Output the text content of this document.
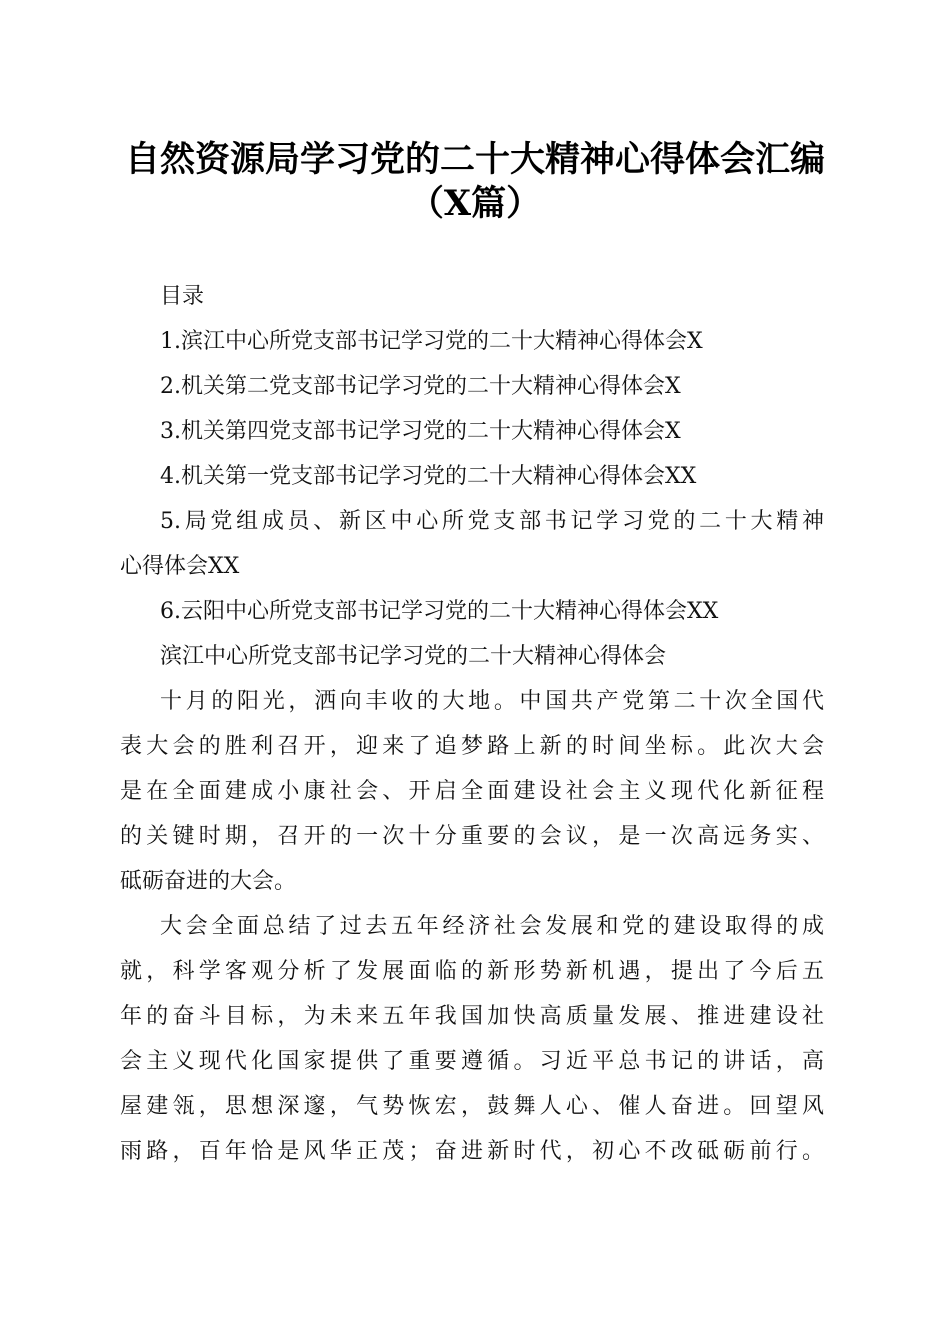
自然资源局学习党的二十大精神心得体会汇编
（X篇）
目录
1.滨江中心所党支部书记学习党的二十大精神心得体会X
2.机关第二党支部书记学习党的二十大精神心得体会X
3.机关第四党支部书记学习党的二十大精神心得体会X
4.机关第一党支部书记学习党的二十大精神心得体会XX
5.局党组成员、新区中心所党支部书记学习党的二十大精神
心得体会XX
6.云阳中心所党支部书记学习党的二十大精神心得体会XX
滨江中心所党支部书记学习党的二十大精神心得体会
十月的阳光，洒向丰收的大地。中国共产党第二十次全国代
表大会的胜利召开，迎来了追梦路上新的时间坐标。此次大会
是在全面建成小康社会、开启全面建设社会主义现代化新征程
的关键时期，召开的一次十分重要的会议，是一次高远务实、
砥砺奋进的大会。
大会全面总结了过去五年经济社会发展和党的建设取得的成
就，科学客观分析了发展面临的新形势新机遇，提出了今后五
年的奋斗目标，为未来五年我国加快高质量发展、推进建设社
会主义现代化国家提供了重要遵循。习近平总书记的讲话，高
屋建瓴，思想深邃，气势恢宏，鼓舞人心、催人奋进。回望风
雨路，百年恰是风华正茂；奋进新时代，初心不改砥砺前行。
